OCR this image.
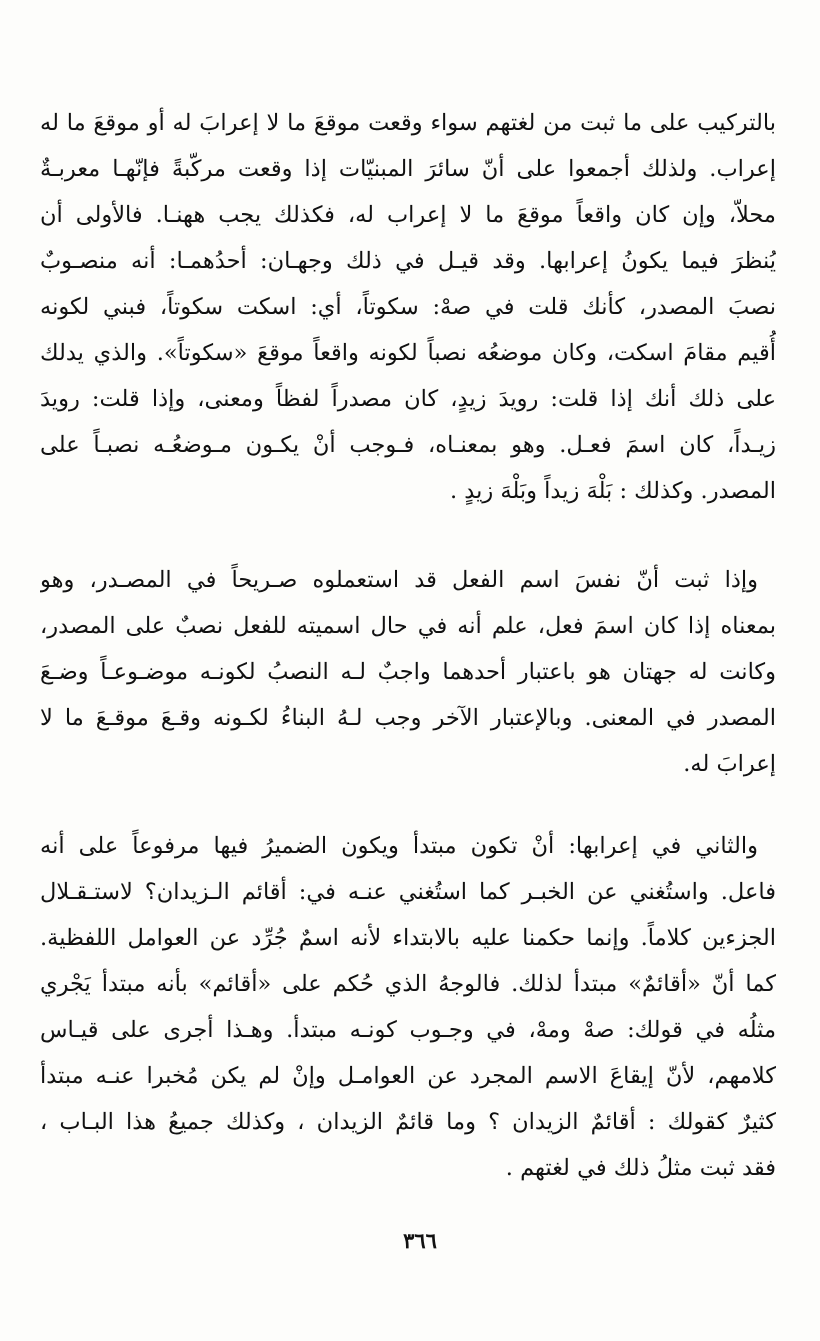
بالتركيب على ما ثبت من لغتهم سواء وقعت موقعَ ما لا إعرابَ له أو موقعَ ما له
إعراب. ولذلك أجمعوا على أنّ سائرَ المبنيّات إذا وقعت مركّبةً فإنّهـا معربـةٌ
محلاّ، وإن كان واقعاً موقعَ ما لا إعراب له، فكذلك يجب ههنـا. فالأولى أن
يُنظرَ فيما يكونُ إعرابها. وقد قيـل في ذلك وجهـان: أحدُهمـا: أنه منصـوبٌ
نصبَ المصدر، كأنك قلت في صهْ: سكوتاً، أي: اسكت سكوتاً، فبني لكونه
أُقيم مقامَ اسكت، وكان موضعُه نصباً لكونه واقعاً موقعَ «سكوتاً». والذي يدلك
على ذلك أنك إذا قلت: رويدَ زيدٍ، كان مصدراً لفظاً ومعنى، وإذا قلت: رويدَ
زيـداً، كان اسمَ فعـل. وهو بمعنـاه، فـوجب أنْ يكـون مـوضعُـه نصبـاً على
المصدر. وكذلك : بَلْهَ زيداً وبَلْهَ زيدٍ .
وإذا ثبت أنّ نفسَ اسم الفعل قد استعملوه صـريحاً في المصـدر، وهو
بمعناه إذا كان اسمَ فعل، علم أنه في حال اسميته للفعل نصبٌ على المصدر،
وكانت له جهتان هو باعتبار أحدهما واجبٌ لـه النصبُ لكونـه موضـوعـاً وضـعَ
المصدر في المعنى. وبالإعتبار الآخر وجب لـهُ البناءُ لكـونه وقـعَ موقـعَ ما لا
إعرابَ له.
والثاني في إعرابها: أنْ تكون مبتدأ ويكون الضميرُ فيها مرفوعاً على أنه
فاعل. واستُغني عن الخبـر كما استُغني عنـه في: أقائم الـزيدان؟ لاستـقـلال
الجزءين كلاماً. وإنما حكمنا عليه بالابتداء لأنه اسمٌ جُرِّد عن العوامل اللفظية.
كما أنّ «أقائمٌ» مبتدأ لذلك. فالوجهُ الذي حُكم على «أقائم» بأنه مبتدأ يَجْري
مثلُه في قولك: صهْ ومهْ، في وجـوب كونـه مبتدأ. وهـذا أجرى على قيـاس
كلامهم، لأنّ إيقاعَ الاسم المجرد عن العوامـل وإنْ لم يكن مُخبرا عنـه مبتدأ
كثيرٌ كقولك : أقائمٌ الزيدان ؟ وما قائمٌ الزيدان ، وكذلك جميعُ هذا البـاب ،
فقد ثبت مثلُ ذلك في لغتهم .
٣٦٦
